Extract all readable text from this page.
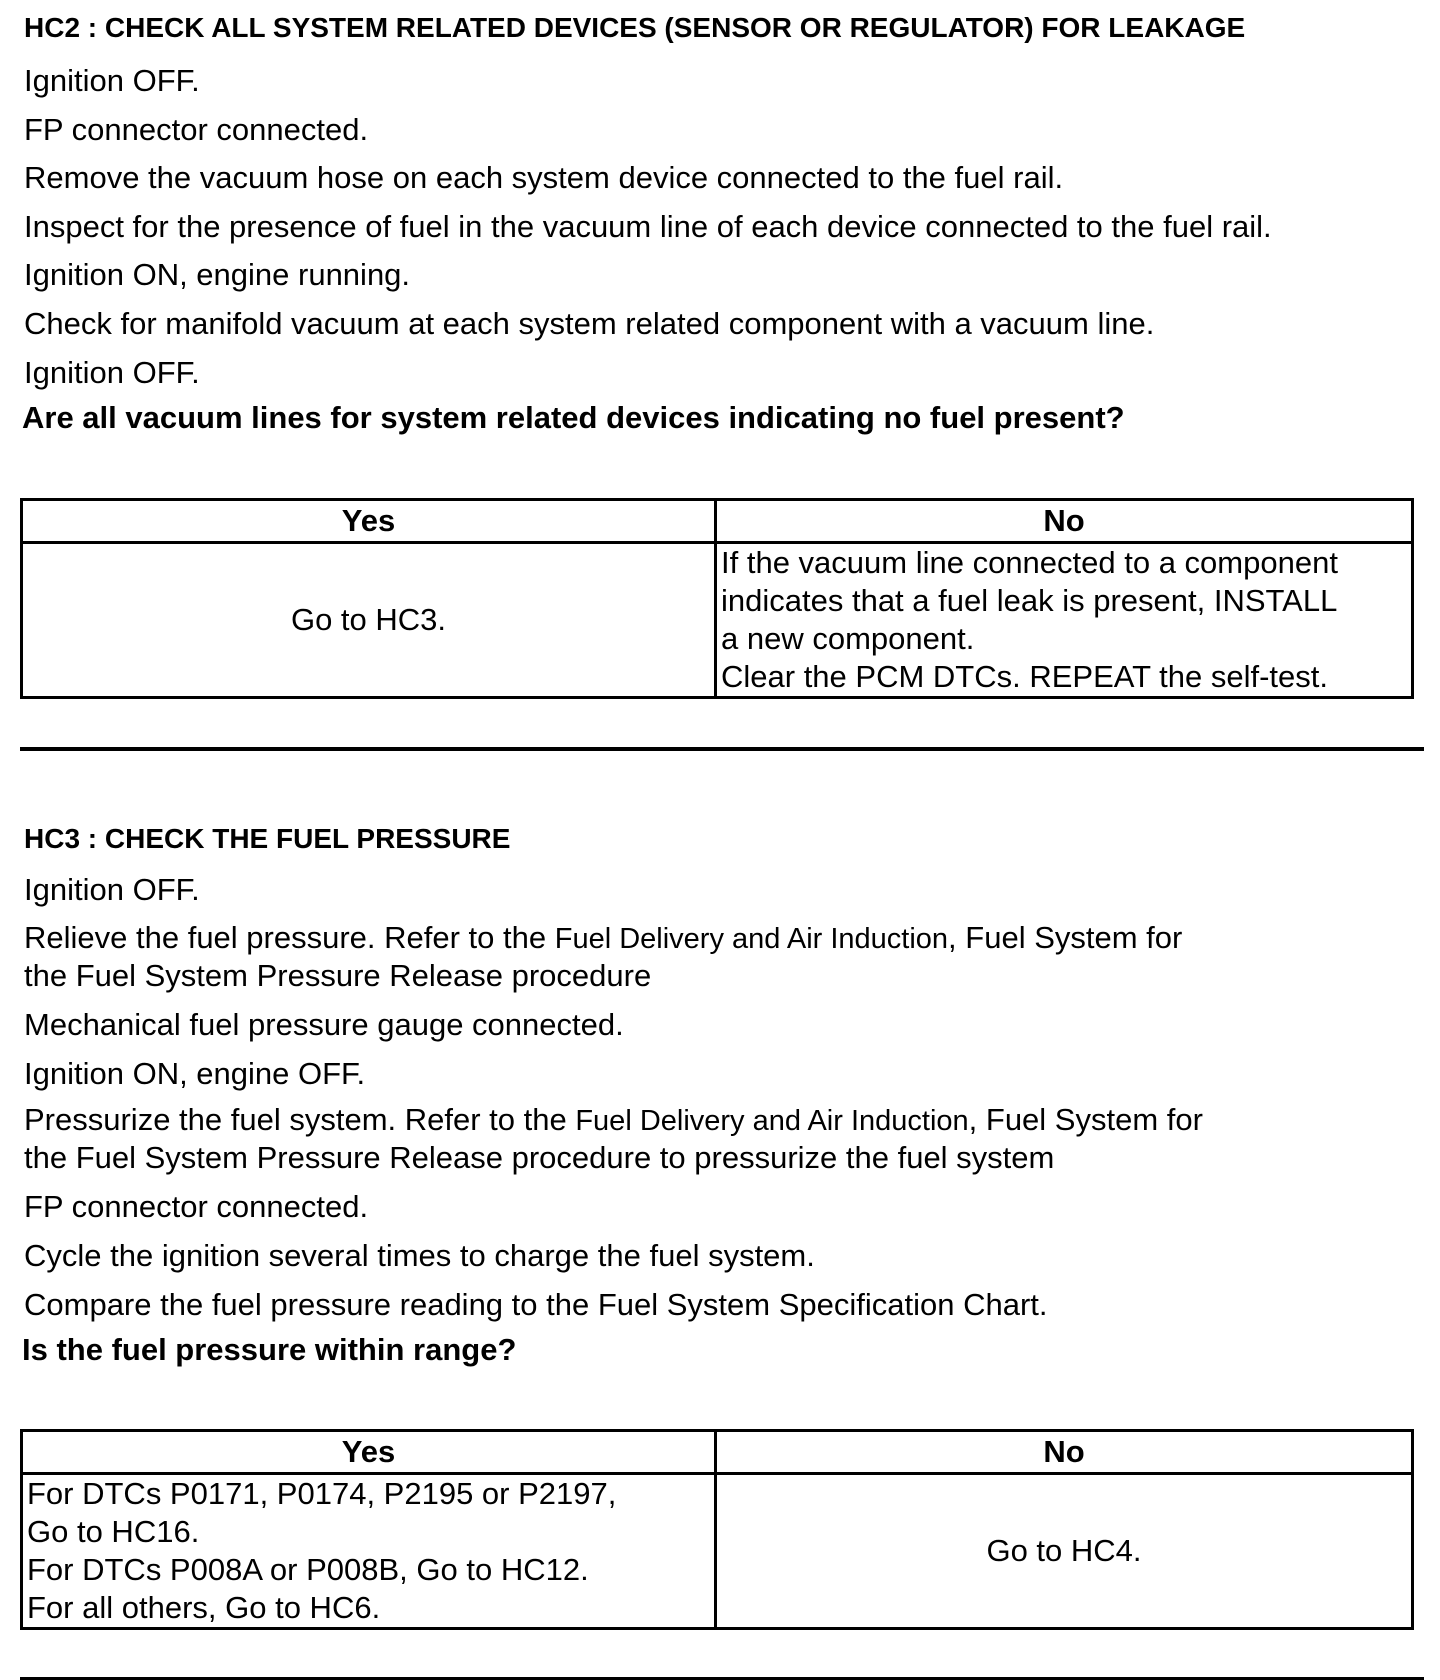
HC2 : CHECK ALL SYSTEM RELATED DEVICES (SENSOR OR REGULATOR) FOR LEAKAGE
Ignition OFF.
FP connector connected.
Remove the vacuum hose on each system device connected to the fuel rail.
Inspect for the presence of fuel in the vacuum line of each device connected to the fuel rail.
Ignition ON, engine running.
Check for manifold vacuum at each system related component with a vacuum line.
Ignition OFF.
Are all vacuum lines for system related devices indicating no fuel present?
Yes	No
Go to HC3.	If the vacuum line connected to a component
indicates that a fuel leak is present, INSTALL
a new component.
Clear the PCM DTCs. REPEAT the self-test.
HC3 : CHECK THE FUEL PRESSURE
Ignition OFF.
Relieve the fuel pressure. Refer to the Fuel Delivery and Air Induction, Fuel System for
the Fuel System Pressure Release procedure
Mechanical fuel pressure gauge connected.
Ignition ON, engine OFF.
Pressurize the fuel system. Refer to the Fuel Delivery and Air Induction, Fuel System for
the Fuel System Pressure Release procedure to pressurize the fuel system
FP connector connected.
Cycle the ignition several times to charge the fuel system.
Compare the fuel pressure reading to the Fuel System Specification Chart.
Is the fuel pressure within range?
Yes	No

For DTCs P0171, P0174, P2195 or P2197,
Go to HC16.
For DTCs P008A or P008B, Go to HC12.
For all others, Go to HC6.	Go to HC4.
